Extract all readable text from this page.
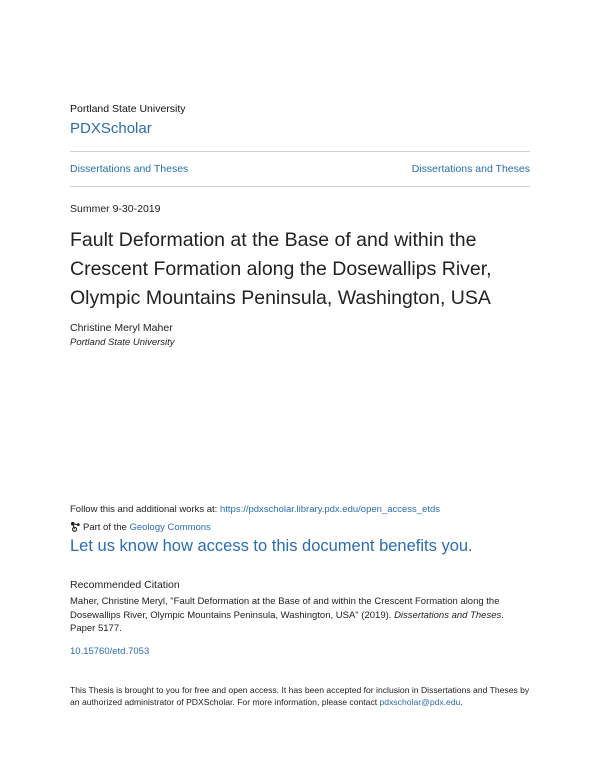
Portland State University
PDXScholar
Dissertations and Theses	Dissertations and Theses
Summer 9-30-2019
Fault Deformation at the Base of and within the Crescent Formation along the Dosewallips River, Olympic Mountains Peninsula, Washington, USA
Christine Meryl Maher
Portland State University
Follow this and additional works at: https://pdxscholar.library.pdx.edu/open_access_etds
Part of the Geology Commons
Let us know how access to this document benefits you.
Recommended Citation
Maher, Christine Meryl, "Fault Deformation at the Base of and within the Crescent Formation along the Dosewallips River, Olympic Mountains Peninsula, Washington, USA" (2019). Dissertations and Theses. Paper 5177.
10.15760/etd.7053
This Thesis is brought to you for free and open access. It has been accepted for inclusion in Dissertations and Theses by an authorized administrator of PDXScholar. For more information, please contact pdxscholar@pdx.edu.
